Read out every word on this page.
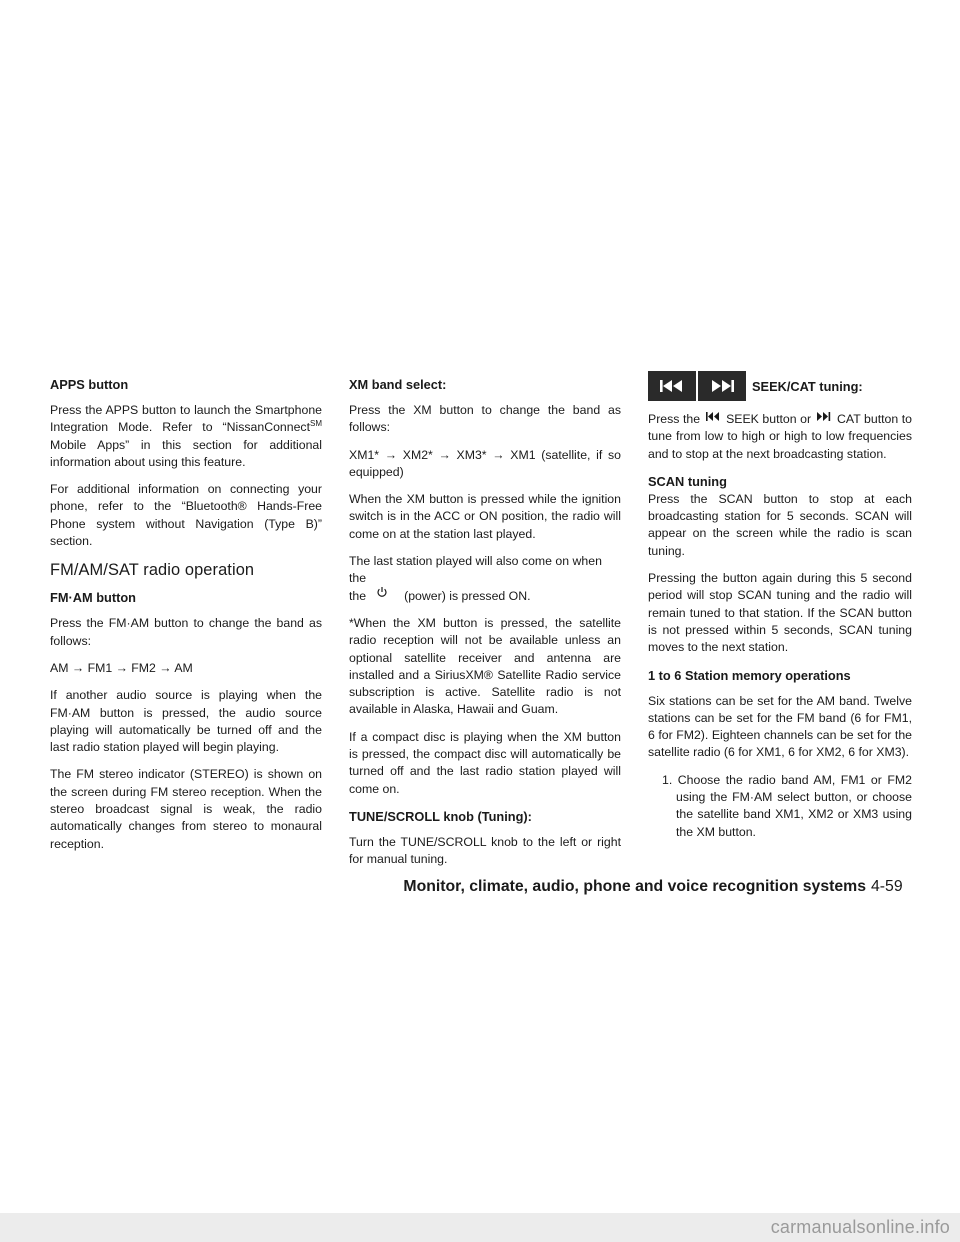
APPS button

Press the APPS button to launch the Smartphone Integration Mode. Refer to “NissanConnect℠ Mobile Apps” in this section for additional information about using this feature.

For additional information on connecting your phone, refer to the “Bluetooth® Hands-Free Phone system without Navigation (Type B)” section.

FM/AM/SAT radio operation
FM·AM button

Press the FM·AM button to change the band as follows:

AM → FM1 → FM2 → AM

If another audio source is playing when the FM·AM button is pressed, the audio source playing will automatically be turned off and the last radio station played will begin playing.

The FM stereo indicator (STEREO) is shown on the screen during FM stereo reception. When the stereo broadcast signal is weak, the radio automatically changes from stereo to monaural reception.

XM band select:

Press the XM button to change the band as follows:

XM1* → XM2* → XM3* → XM1 (satellite, if so equipped)

When the XM button is pressed while the ignition switch is in the ACC or ON position, the radio will come on at the station last played.

The last station played will also come on when the
the	(power) is pressed ON.

*When the XM button is pressed, the satellite radio reception will not be available unless an optional satellite receiver and antenna are installed and a SiriusXM® Satellite Radio service subscription is active. Satellite radio is not available in Alaska, Hawaii and Guam.

If a compact disc is playing when the XM button is pressed, the compact disc will automatically be turned off and the last radio station played will come on.

TUNE/SCROLL knob (Tuning):

Turn the TUNE/SCROLL knob to the left or right for manual tuning.

SEEK/CAT tuning:

Press the SEEK button or CAT button to tune from low to high or high to low frequencies and to stop at the next broadcasting station.

SCAN tuning

Press the SCAN button to stop at each broadcasting station for 5 seconds. SCAN will appear on the screen while the radio is scan tuning.

Pressing the button again during this 5 second period will stop SCAN tuning and the radio will remain tuned to that station. If the SCAN button is not pressed within 5 seconds, SCAN tuning moves to the next station.

1 to 6 Station memory operations

Six stations can be set for the AM band. Twelve stations can be set for the FM band (6 for FM1, 6 for FM2). Eighteen channels can be set for the satellite radio (6 for XM1, 6 for XM2, 6 for XM3).

1. Choose the radio band AM, FM1 or FM2 using the FM·AM select button, or choose the satellite band XM1, XM2 or XM3 using the XM button.
Monitor, climate, audio, phone and voice recognition systems 4-59
carmanualsonline.info
